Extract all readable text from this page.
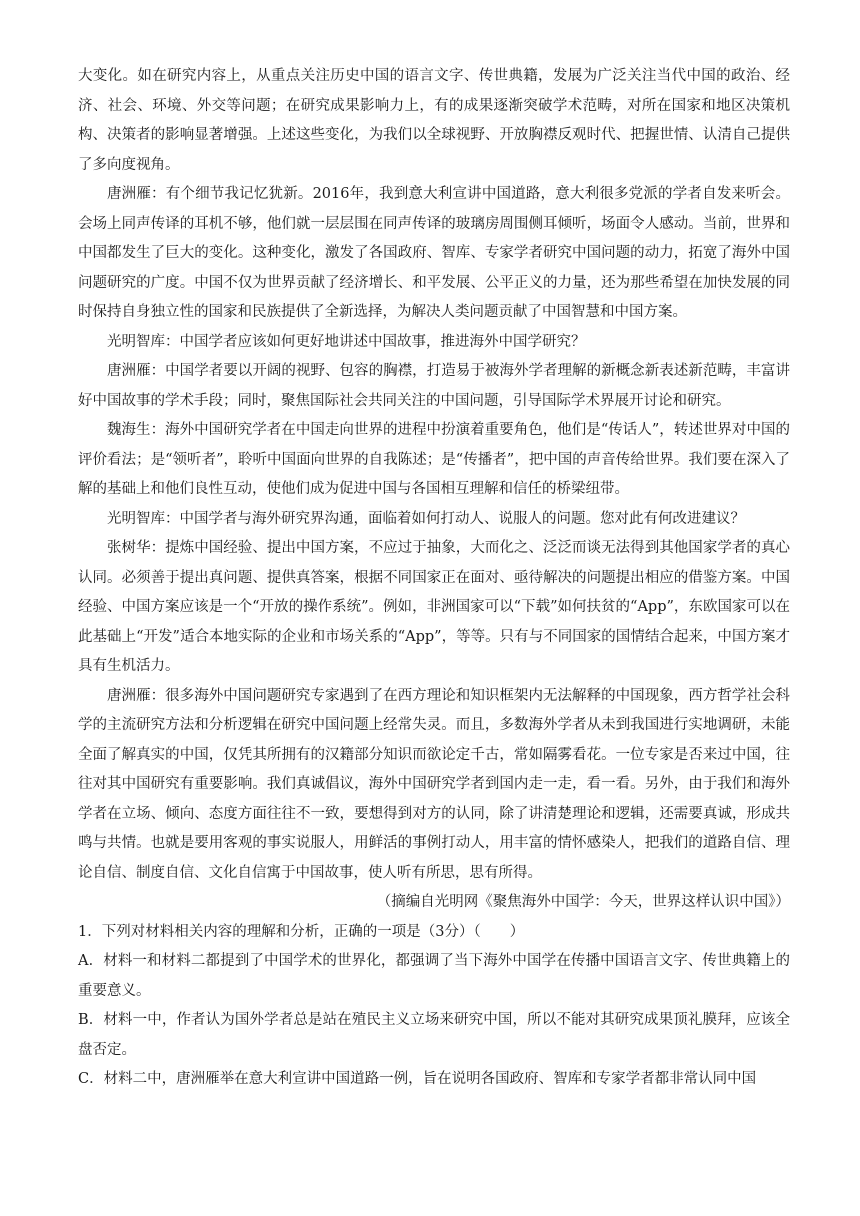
大变化。如在研究内容上，从重点关注历史中国的语言文字、传世典籍，发展为广泛关注当代中国的政治、经济、社会、环境、外交等问题；在研究成果影响力上，有的成果逐渐突破学术范畴，对所在国家和地区决策机构、决策者的影响显著增强。上述这些变化，为我们以全球视野、开放胸襟反观时代、把握世情、认清自己提供了多向度视角。

唐洲雁：有个细节我记忆犹新。2016年，我到意大利宣讲中国道路，意大利很多党派的学者自发来听会。会场上同声传译的耳机不够，他们就一层层围在同声传译的玻璃房周围侧耳倾听，场面令人感动。当前，世界和中国都发生了巨大的变化。这种变化，激发了各国政府、智库、专家学者研究中国问题的动力，拓宽了海外中国问题研究的广度。中国不仅为世界贡献了经济增长、和平发展、公平正义的力量，还为那些希望在加快发展的同时保持自身独立性的国家和民族提供了全新选择，为解决人类问题贡献了中国智慧和中国方案。

光明智库：中国学者应该如何更好地讲述中国故事，推进海外中国学研究？

唐洲雁：中国学者要以开阔的视野、包容的胸襟，打造易于被海外学者理解的新概念新表述新范畴，丰富讲好中国故事的学术手段；同时，聚焦国际社会共同关注的中国问题，引导国际学术界展开讨论和研究。

魏海生：海外中国研究学者在中国走向世界的进程中扮演着重要角色，他们是“传话人”，转述世界对中国的评价看法；是“领听者”，聆听中国面向世界的自我陈述；是“传播者”，把中国的声音传给世界。我们要在深入了解的基础上和他们良性互动，使他们成为促进中国与各国相互理解和信任的桥梁纽带。

光明智库：中国学者与海外研究界沟通，面临着如何打动人、说服人的问题。您对此有何改进建议？

张树华：提炼中国经验、提出中国方案，不应过于抽象，大而化之、泛泛而谈无法得到其他国家学者的真心认同。必须善于提出真问题、提供真答案，根据不同国家正在面对、亟待解决的问题提出相应的借鉴方案。中国经验、中国方案应该是一个“开放的操作系统”。例如，非洲国家可以“下载”如何扶贫的“App”，东欧国家可以在此基础上“开发”适合本地实际的企业和市场关系的“App”，等等。只有与不同国家的国情结合起来，中国方案才具有生机活力。

唐洲雁：很多海外中国问题研究专家遇到了在西方理论和知识框架内无法解释的中国现象，西方哲学社会科学的主流研究方法和分析逻辑在研究中国问题上经常失灵。而且，多数海外学者从未到我国进行实地调研，未能全面了解真实的中国，仅凭其所拥有的汉籍部分知识而欲论定千古，常如隔雾看花。一位专家是否来过中国，往往对其中国研究有重要影响。我们真诚倡议，海外中国研究学者到国内走一走，看一看。另外，由于我们和海外学者在立场、倾向、态度方面往往不一致，要想得到对方的认同，除了讲清楚理论和逻辑，还需要真诚，形成共鸣与共情。也就是要用客观的事实说服人，用鲜活的事例打动人，用丰富的情怀感染人，把我们的道路自信、理论自信、制度自信、文化自信寓于中国故事，使人听有所思，思有所得。

（摘编自光明网《聚焦海外中国学：今天，世界这样认识中国》）

1．下列对材料相关内容的理解和分析，正确的一项是（3分）（　　）

A．材料一和材料二都提到了中国学术的世界化，都强调了当下海外中国学在传播中国语言文字、传世典籍上的重要意义。

B．材料一中，作者认为国外学者总是站在殖民主义立场来研究中国，所以不能对其研究成果顶礼膜拜，应该全盘否定。

C．材料二中，唐洲雁举在意大利宣讲中国道路一例，旨在说明各国政府、智库和专家学者都非常认同中国
